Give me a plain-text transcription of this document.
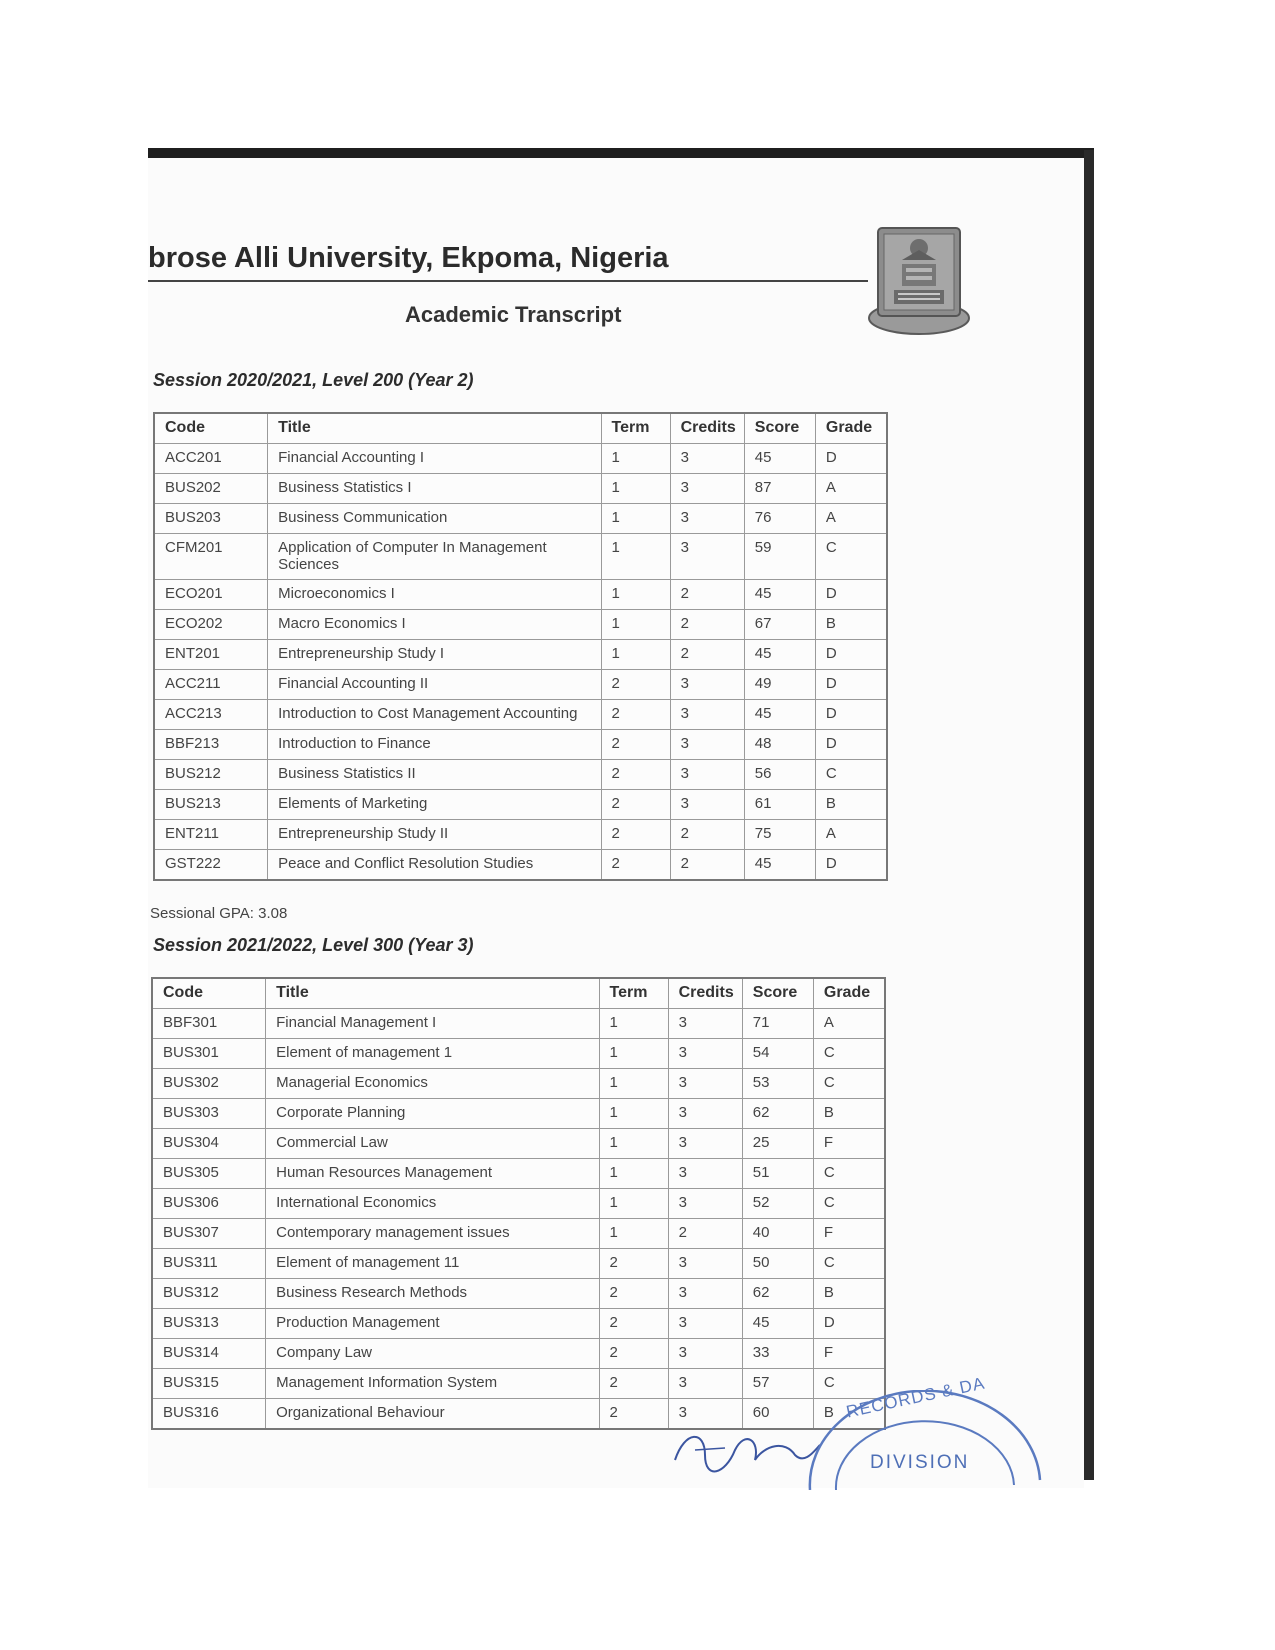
brose Alli University, Ekpoma, Nigeria
Academic Transcript
Session 2020/2021, Level 200 (Year 2)
Code	Title	Term	Credits	Score	Grade
ACC201	Financial Accounting I	1	3	45	D
BUS202	Business Statistics I	1	3	87	A
BUS203	Business Communication	1	3	76	A
CFM201	Application of Computer In Management Sciences	1	3	59	C
ECO201	Microeconomics I	1	2	45	D
ECO202	Macro Economics I	1	2	67	B
ENT201	Entrepreneurship Study I	1	2	45	D
ACC211	Financial Accounting II	2	3	49	D
ACC213	Introduction to Cost Management Accounting	2	3	45	D
BBF213	Introduction to Finance	2	3	48	D
BUS212	Business Statistics II	2	3	56	C
BUS213	Elements of Marketing	2	3	61	B
ENT211	Entrepreneurship Study II	2	2	75	A
GST222	Peace and Conflict Resolution Studies	2	2	45	D
Sessional GPA: 3.08
Session 2021/2022, Level 300 (Year 3)
Code	Title	Term	Credits	Score	Grade
BBF301	Financial Management I	1	3	71	A
BUS301	Element of management 1	1	3	54	C
BUS302	Managerial Economics	1	3	53	C
BUS303	Corporate Planning	1	3	62	B
BUS304	Commercial Law	1	3	25	F
BUS305	Human Resources Management	1	3	51	C
BUS306	International Economics	1	3	52	C
BUS307	Contemporary management issues	1	2	40	F
BUS311	Element of management 11	2	3	50	C
BUS312	Business Research Methods	2	3	62	B
BUS313	Production Management	2	3	45	D
BUS314	Company Law	2	3	33	F
BUS315	Management Information System	2	3	57	C
BUS316	Organizational Behaviour	2	3	60	B RECORDS & DA
DIVISION
